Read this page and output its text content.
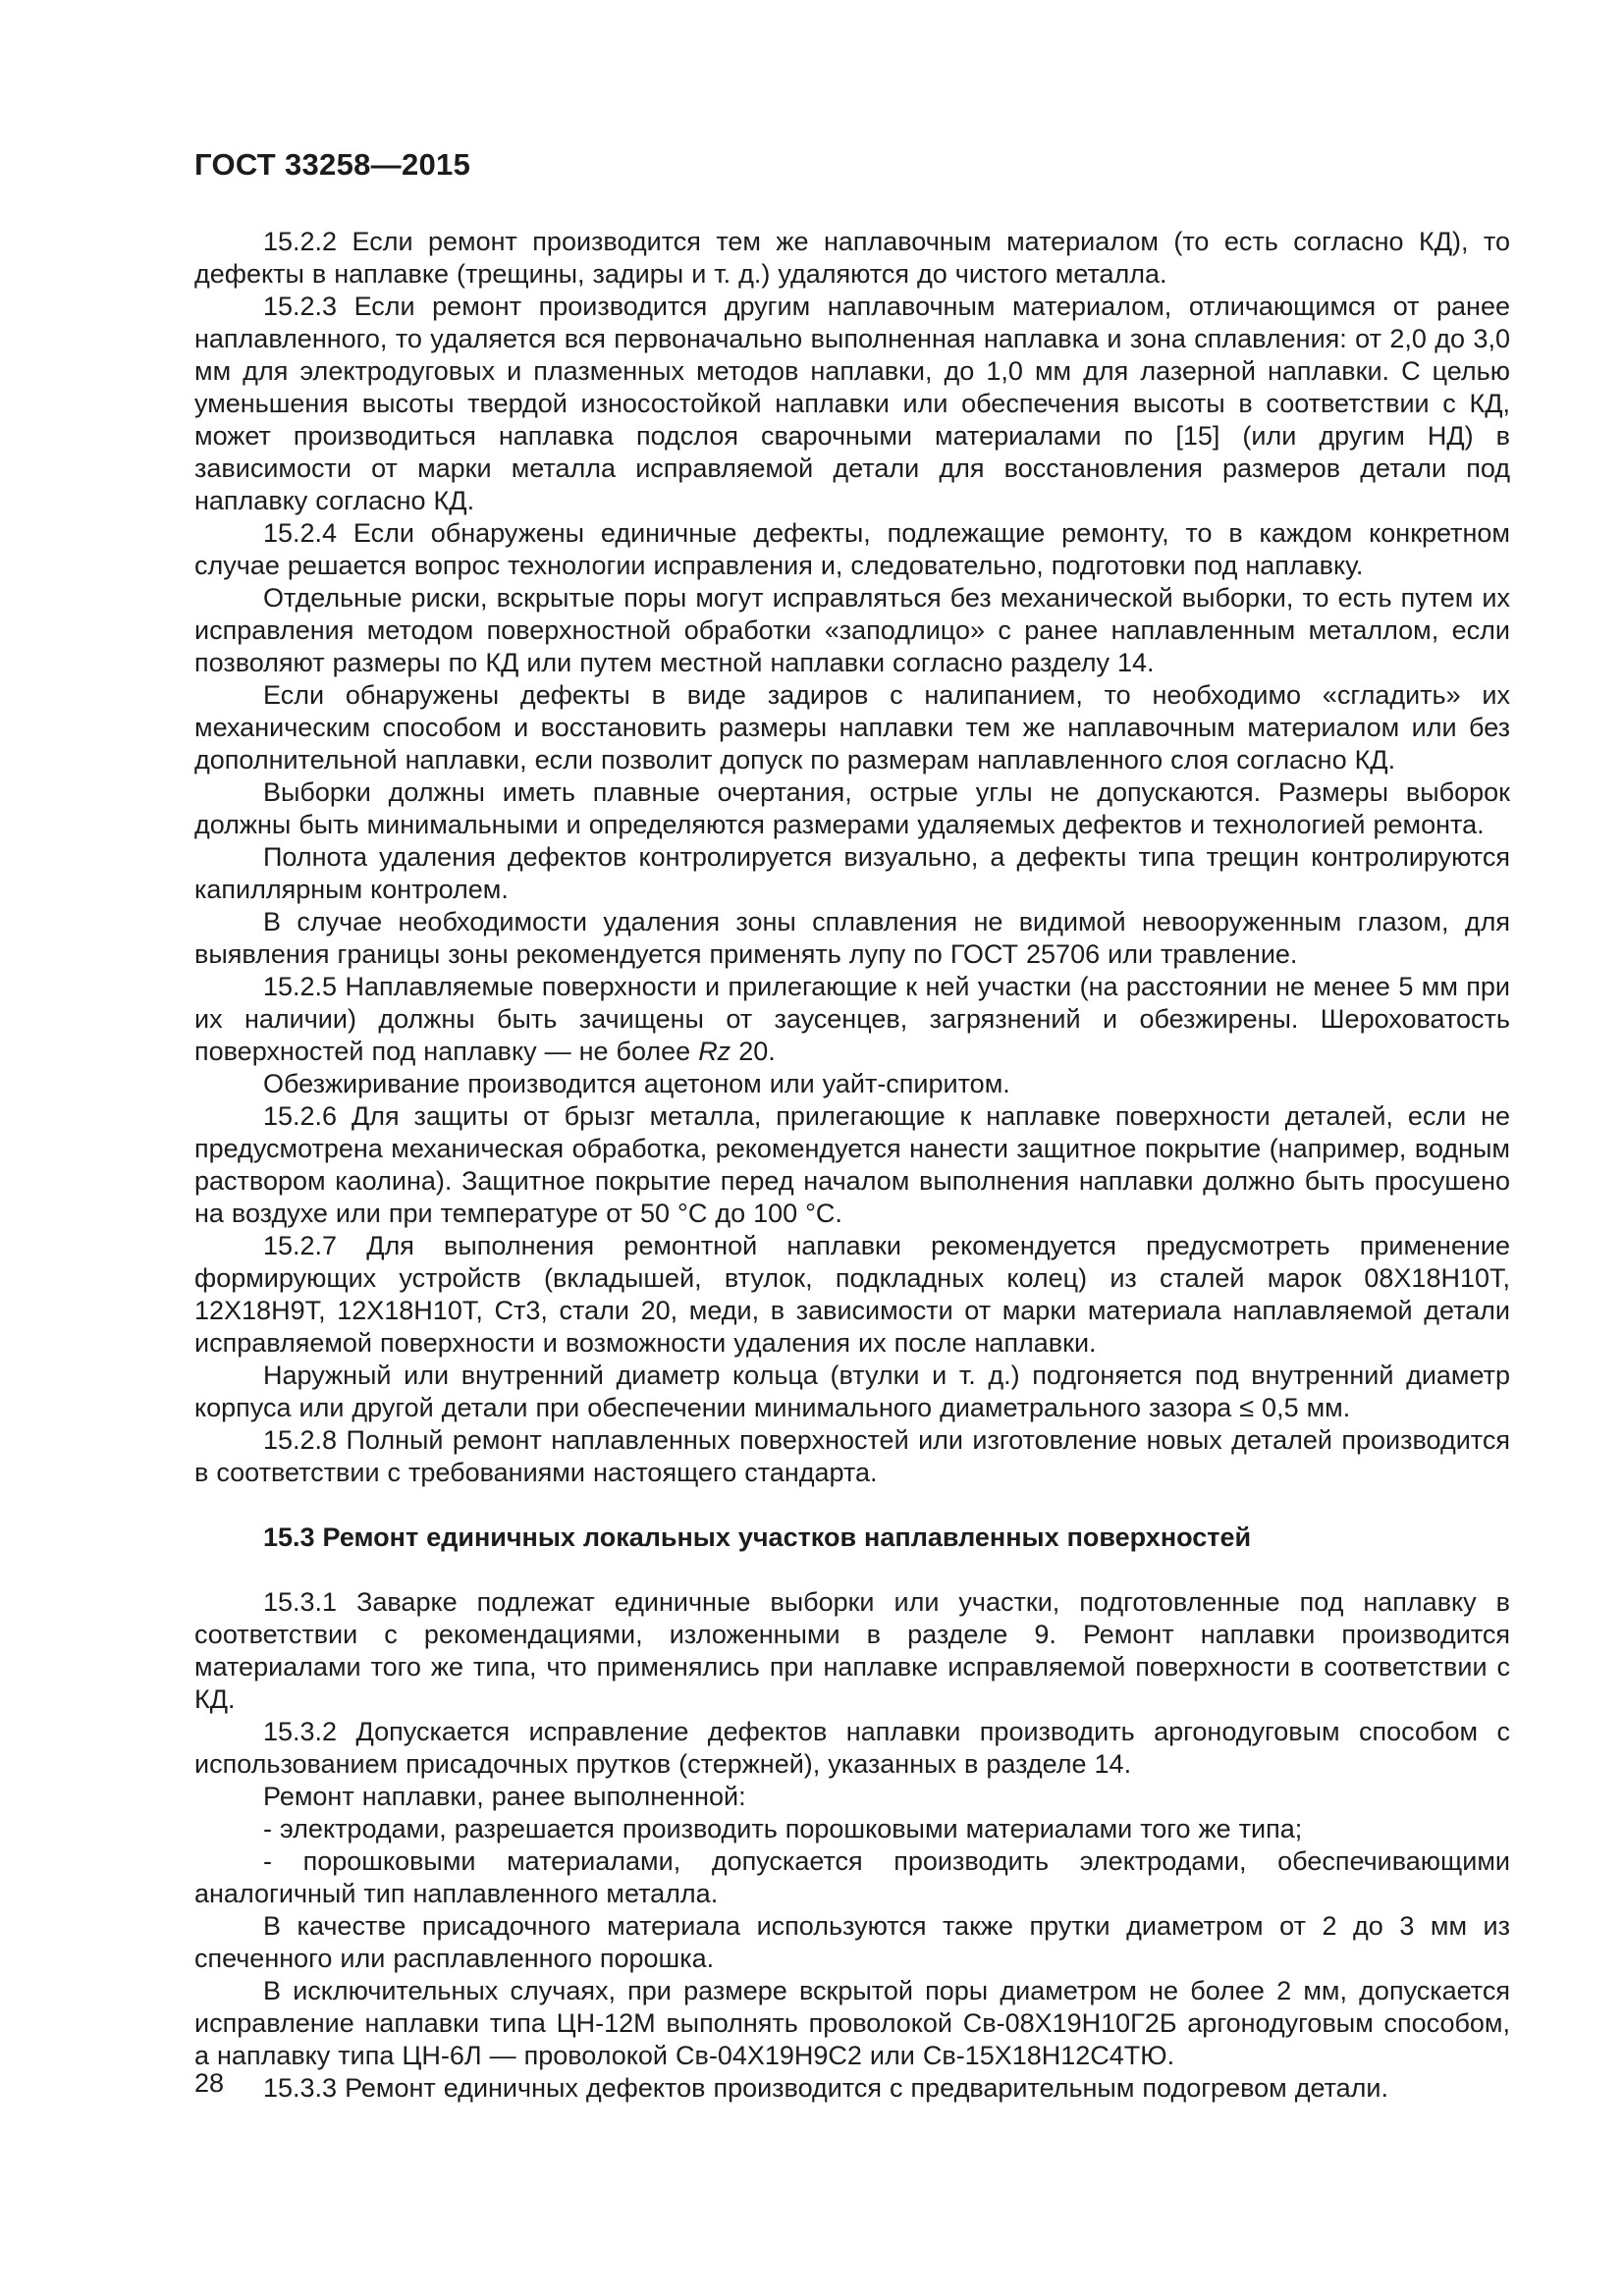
ГОСТ 33258—2015

15.2.2 Если ремонт производится тем же наплавочным материалом (то есть согласно КД), то дефекты в наплавке (трещины, задиры и т. д.) удаляются до чистого металла.

15.2.3 Если ремонт производится другим наплавочным материалом, отличающимся от ранее наплавленного, то удаляется вся первоначально выполненная наплавка и зона сплавления: от 2,0 до 3,0 мм для электродуговых и плазменных методов наплавки, до 1,0 мм для лазерной наплавки. С целью уменьшения высоты твердой износостойкой наплавки или обеспечения высоты в соответствии с КД, может производиться наплавка подслоя сварочными материалами по [15] (или другим НД) в зависимости от марки металла исправляемой детали для восстановления размеров детали под наплавку согласно КД.

15.2.4 Если обнаружены единичные дефекты, подлежащие ремонту, то в каждом конкретном случае решается вопрос технологии исправления и, следовательно, подготовки под наплавку.

Отдельные риски, вскрытые поры могут исправляться без механической выборки, то есть путем их исправления методом поверхностной обработки «заподлицо» с ранее наплавленным металлом, если позволяют размеры по КД или путем местной наплавки согласно разделу 14.

Если обнаружены дефекты в виде задиров с налипанием, то необходимо «сгладить» их механическим способом и восстановить размеры наплавки тем же наплавочным материалом или без дополнительной наплавки, если позволит допуск по размерам наплавленного слоя согласно КД.

Выборки должны иметь плавные очертания, острые углы не допускаются. Размеры выборок должны быть минимальными и определяются размерами удаляемых дефектов и технологией ремонта.

Полнота удаления дефектов контролируется визуально, а дефекты типа трещин контролируются капиллярным контролем.

В случае необходимости удаления зоны сплавления не видимой невооруженным глазом, для выявления границы зоны рекомендуется применять лупу по ГОСТ 25706 или травление.

15.2.5 Наплавляемые поверхности и прилегающие к ней участки (на расстоянии не менее 5 мм при их наличии) должны быть зачищены от заусенцев, загрязнений и обезжирены. Шероховатость поверхностей под наплавку — не более Rz 20.

Обезжиривание производится ацетоном или уайт-спиритом.

15.2.6 Для защиты от брызг металла, прилегающие к наплавке поверхности деталей, если не предусмотрена механическая обработка, рекомендуется нанести защитное покрытие (например, водным раствором каолина). Защитное покрытие перед началом выполнения наплавки должно быть просушено на воздухе или при температуре от 50 °С до 100 °С.

15.2.7 Для выполнения ремонтной наплавки рекомендуется предусмотреть применение формирующих устройств (вкладышей, втулок, подкладных колец) из сталей марок 08Х18Н10Т, 12Х18Н9Т, 12Х18Н10Т, Ст3, стали 20, меди, в зависимости от марки материала наплавляемой детали исправляемой поверхности и возможности удаления их после наплавки.

Наружный или внутренний диаметр кольца (втулки и т. д.) подгоняется под внутренний диаметр корпуса или другой детали при обеспечении минимального диаметрального зазора ≤ 0,5 мм.

15.2.8 Полный ремонт наплавленных поверхностей или изготовление новых деталей производится в соответствии с требованиями настоящего стандарта.

15.3 Ремонт единичных локальных участков наплавленных поверхностей

15.3.1 Заварке подлежат единичные выборки или участки, подготовленные под наплавку в соответствии с рекомендациями, изложенными в разделе 9. Ремонт наплавки производится материалами того же типа, что применялись при наплавке исправляемой поверхности в соответствии с КД.

15.3.2 Допускается исправление дефектов наплавки производить аргонодуговым способом с использованием присадочных прутков (стержней), указанных в разделе 14.

Ремонт наплавки, ранее выполненной:

- электродами, разрешается производить порошковыми материалами того же типа;

- порошковыми материалами, допускается производить электродами, обеспечивающими аналогичный тип наплавленного металла.

В качестве присадочного материала используются также прутки диаметром от 2 до 3 мм из спеченного или расплавленного порошка.

В исключительных случаях, при размере вскрытой поры диаметром не более 2 мм, допускается исправление наплавки типа ЦН-12М выполнять проволокой Св-08Х19Н10Г2Б аргонодуговым способом, а наплавку типа ЦН-6Л — проволокой Св-04Х19Н9С2 или Св-15Х18Н12С4ТЮ.

15.3.3 Ремонт единичных дефектов производится с предварительным подогревом детали.

28
